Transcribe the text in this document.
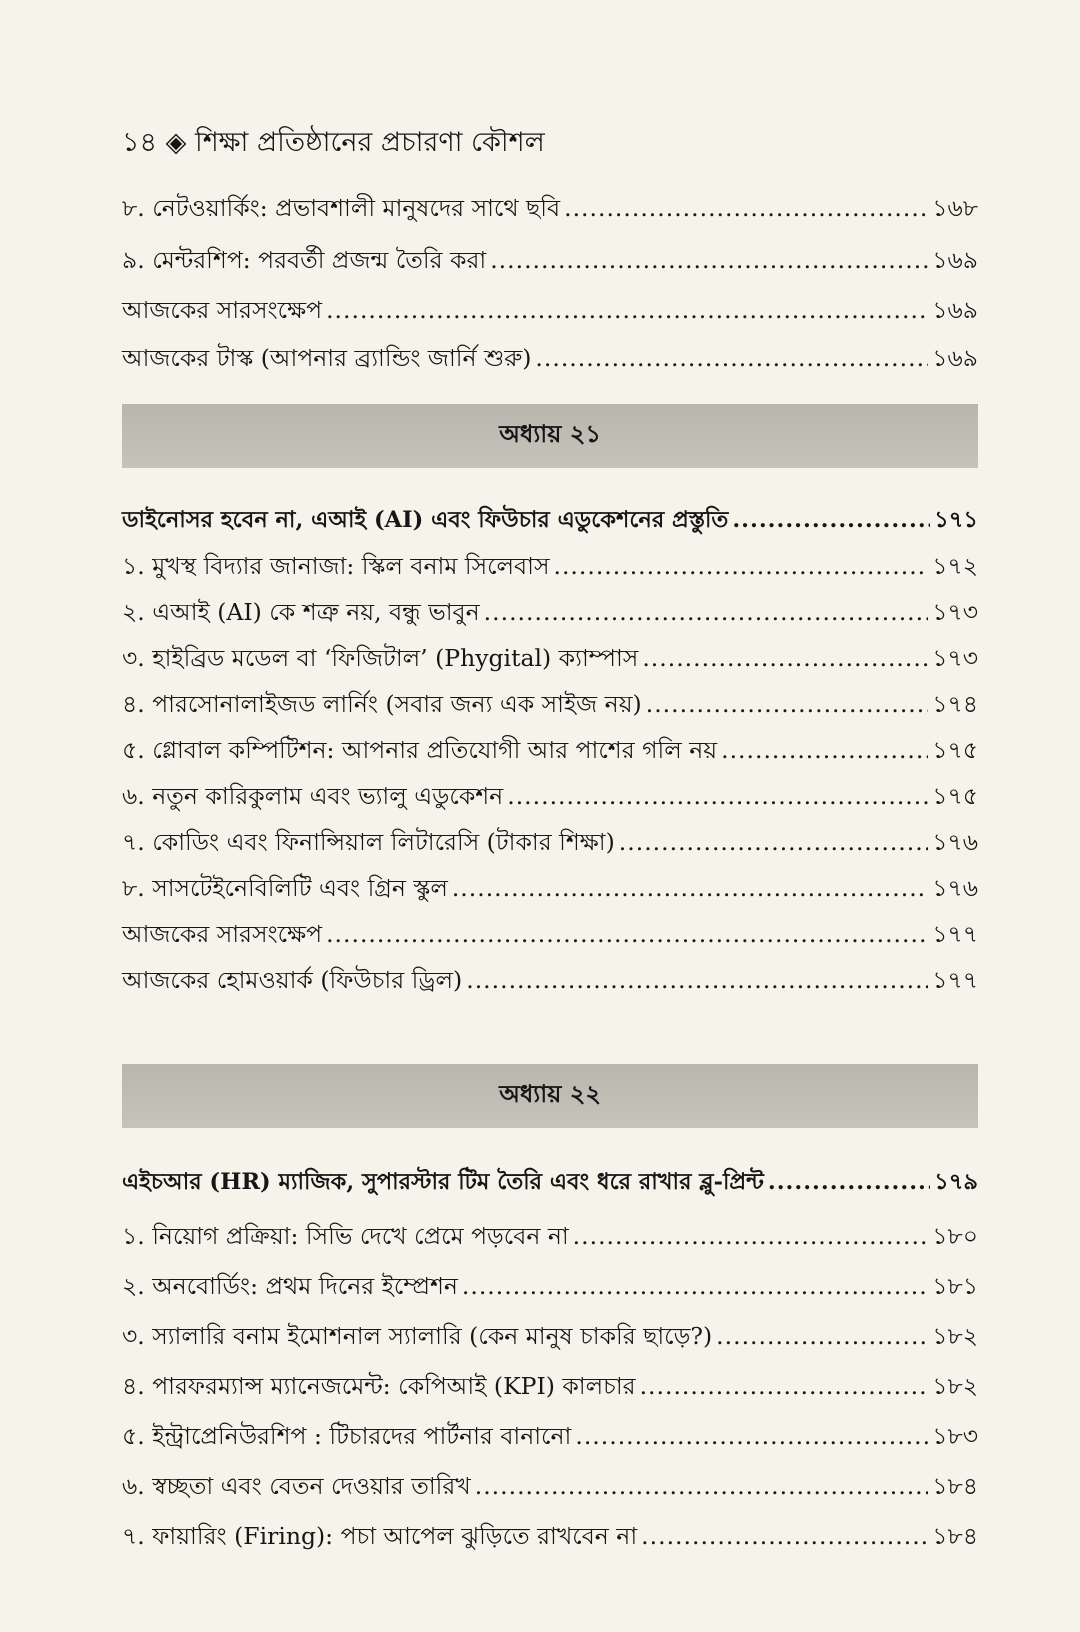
১৪ ◈ শিক্ষা প্রতিষ্ঠানের প্রচারণা কৌশল
৮. নেটওয়ার্কিং: প্রভাবশালী মানুষদের সাথে ছবি .....	১৬৮
৯. মেন্টরশিপ: পরবর্তী প্রজন্ম তৈরি করা .....	১৬৯
আজকের সারসংক্ষেপ .....	১৬৯
আজকের টাস্ক (আপনার ব্র্যান্ডিং জার্নি শুরু) .....	১৬৯
অধ্যায় ২১
ডাইনোসর হবেন না, এআই (AI) এবং ফিউচার এডুকেশনের প্রস্তুতি .....	১৭১
১. মুখস্থ বিদ্যার জানাজা: স্কিল বনাম সিলেবাস .....	১৭২
২. এআই (AI) কে শত্রু নয়, বন্ধু ভাবুন .....	১৭৩
৩. হাইব্রিড মডেল বা ‘ফিজিটাল’ (Phygital) ক্যাম্পাস .....	১৭৩
৪. পারসোনালাইজড লার্নিং (সবার জন্য এক সাইজ নয়) .....	১৭৪
৫. গ্লোবাল কম্পিটিশন: আপনার প্রতিযোগী আর পাশের গলি নয় .....	১৭৫
৬. নতুন কারিকুলাম এবং ভ্যালু এডুকেশন .....	১৭৫
৭. কোডিং এবং ফিনান্সিয়াল লিটারেসি (টাকার শিক্ষা) .....	১৭৬
৮. সাসটেইনেবিলিটি এবং গ্রিন স্কুল .....	১৭৬
আজকের সারসংক্ষেপ .....	১৭৭
আজকের হোমওয়ার্ক (ফিউচার ড্রিল) .....	১৭৭
অধ্যায় ২২
এইচআর (HR) ম্যাজিক, সুপারস্টার টিম তৈরি এবং ধরে রাখার ব্লু-প্রিন্ট .....	১৭৯
১. নিয়োগ প্রক্রিয়া: সিভি দেখে প্রেমে পড়বেন না .....	১৮০
২. অনবোর্ডিং: প্রথম দিনের ইম্প্রেশন .....	১৮১
৩. স্যালারি বনাম ইমোশনাল স্যালারি (কেন মানুষ চাকরি ছাড়ে?) .....	১৮২
৪. পারফরম্যান্স ম্যানেজমেন্ট: কেপিআই (KPI) কালচার .....	১৮২
৫. ইন্ট্রাপ্রেনিউরশিপ : টিচারদের পার্টনার বানানো .....	১৮৩
৬. স্বচ্ছতা এবং বেতন দেওয়ার তারিখ .....	১৮৪
৭. ফায়ারিং (Firing): পচা আপেল ঝুড়িতে রাখবেন না .....	১৮৪
